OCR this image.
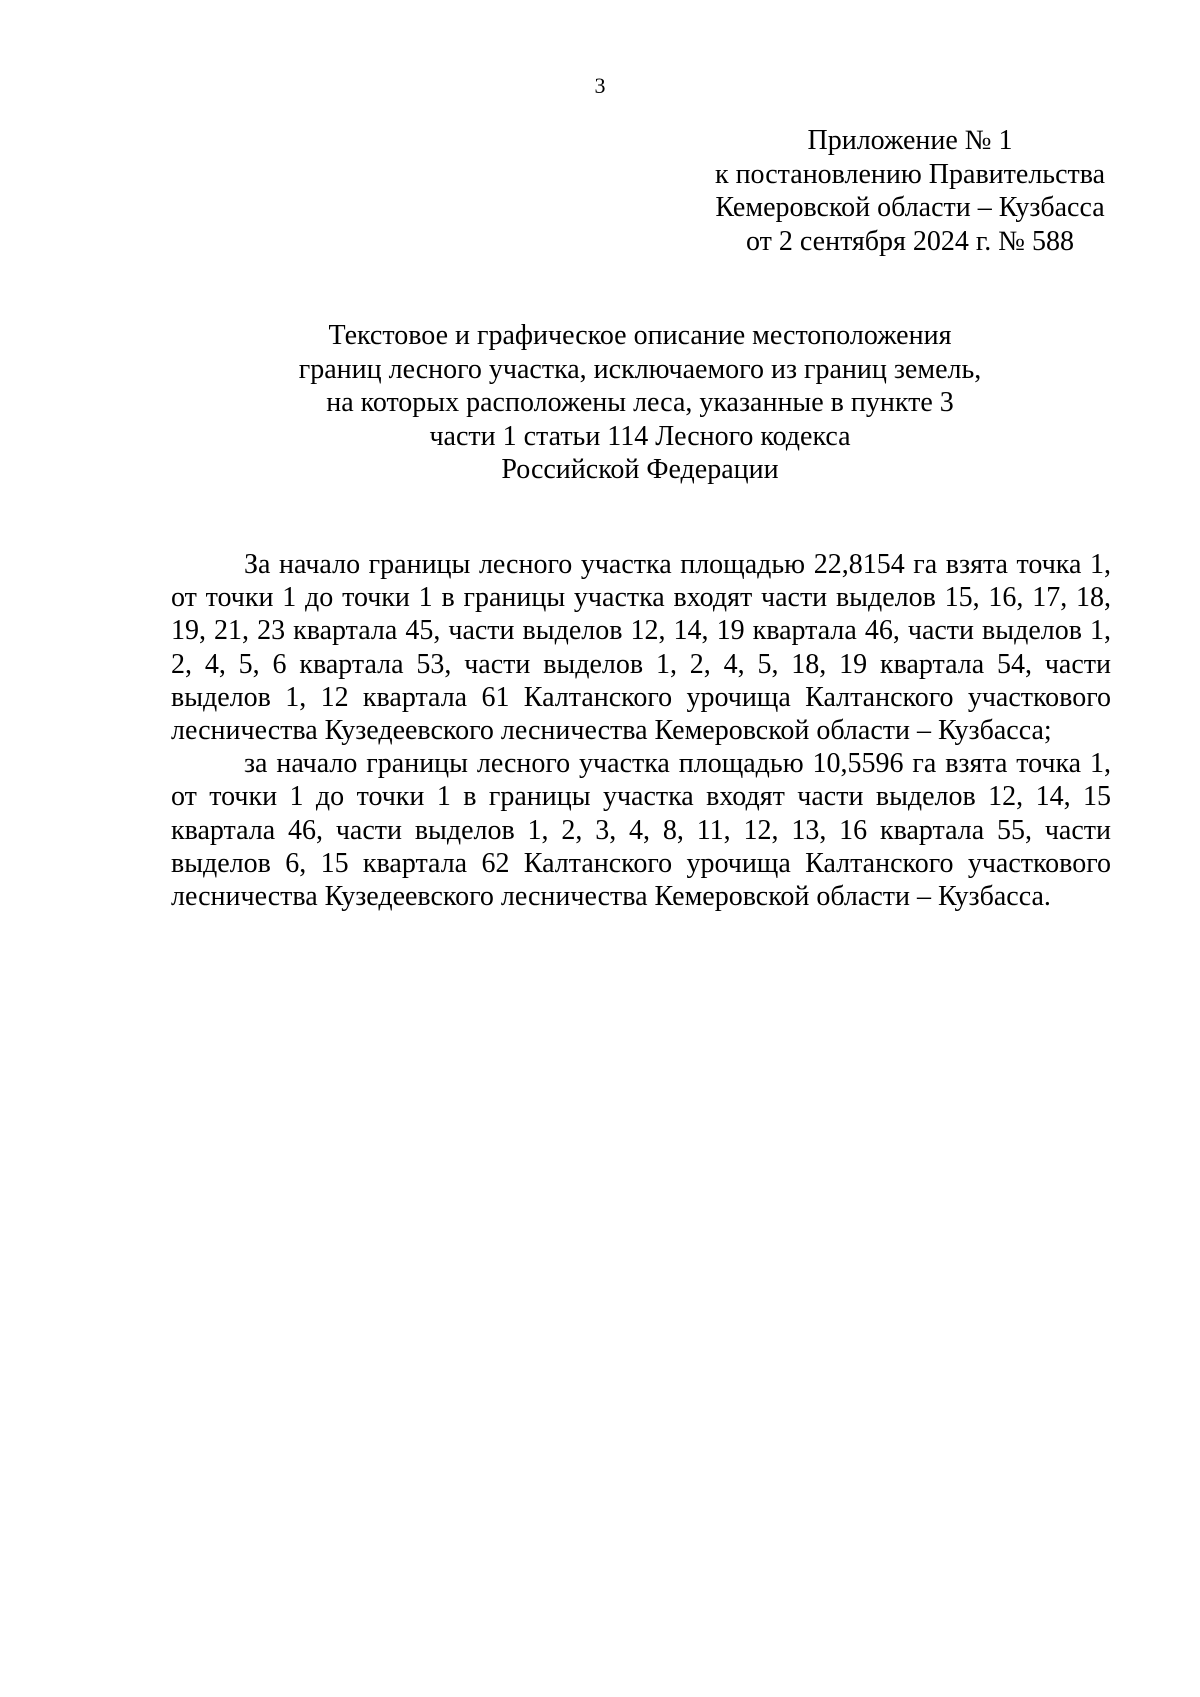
3
Приложение № 1
к постановлению Правительства
Кемеровской области – Кузбасса
от 2 сентября 2024 г. № 588
Текстовое и графическое описание местоположения
границ лесного участка, исключаемого из границ земель,
на которых расположены леса, указанные в пункте 3
части 1 статьи 114 Лесного кодекса
Российской Федерации

За начало границы лесного участка площадью 22,8154 га взята точка 1, от точки 1 до точки 1 в границы участка входят части выделов 15, 16, 17, 18, 19, 21, 23 квартала 45, части выделов 12, 14, 19 квартала 46, части выделов 1, 2, 4, 5, 6 квартала 53, части выделов 1, 2, 4, 5, 18, 19 квартала 54, части выделов 1, 12 квартала 61 Калтанского урочища Калтанского участкового лесничества Кузедеевского лесничества Кемеровской области – Кузбасса;

за начало границы лесного участка площадью 10,5596 га взята точка 1, от точки 1 до точки 1 в границы участка входят части выделов 12, 14, 15 квартала 46, части выделов 1, 2, 3, 4, 8, 11, 12, 13, 16 квартала 55, части выделов 6, 15 квартала 62 Калтанского урочища Калтанского участкового лесничества Кузедеевского лесничества Кемеровской области – Кузбасса.
